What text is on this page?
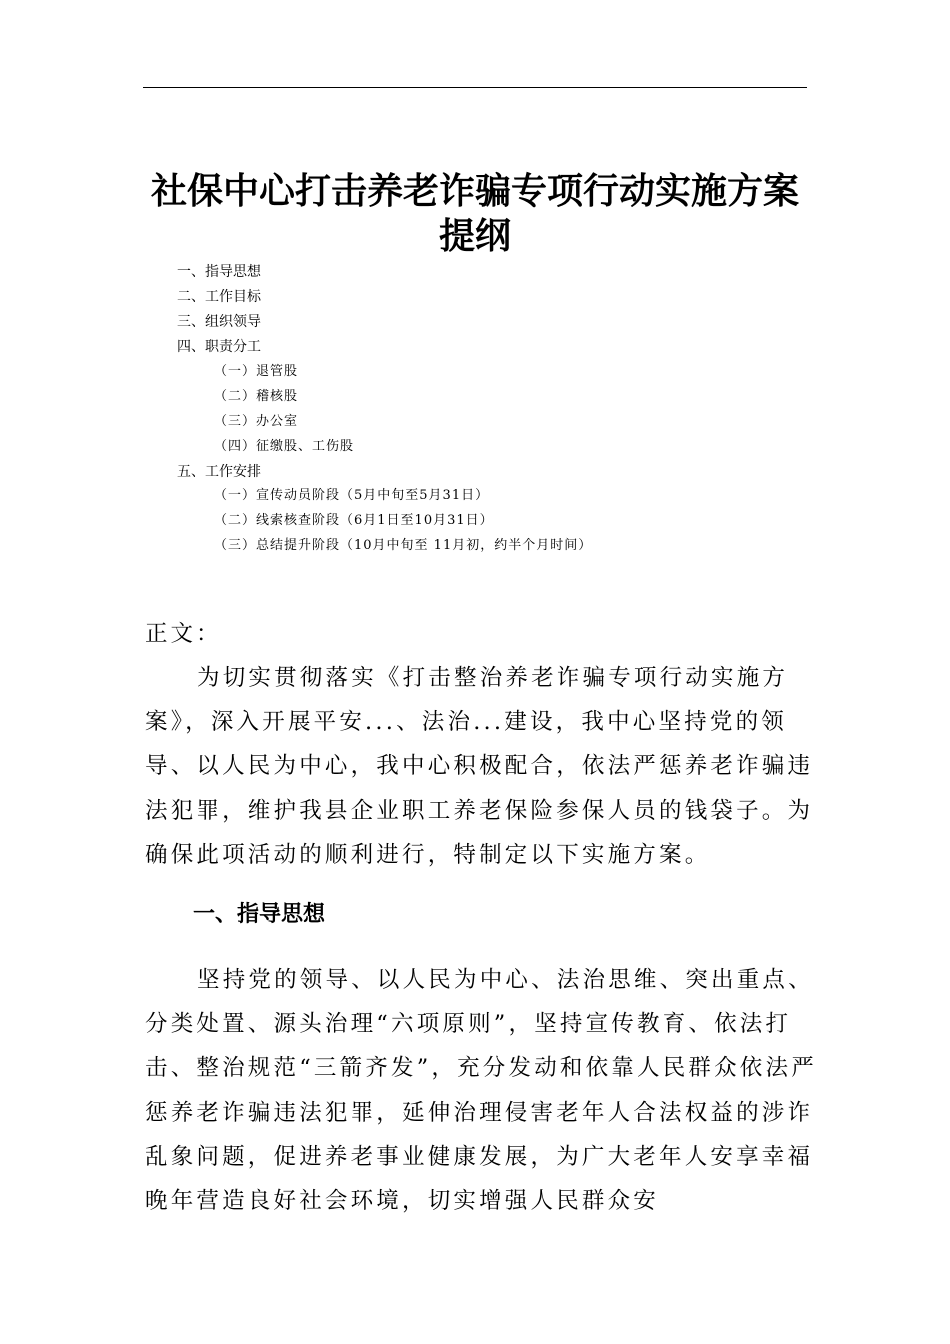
社保中心打击养老诈骗专项行动实施方案
提纲
一、指导思想
二、工作目标
三、组织领导
四、职责分工
（一）退管股
（二）稽核股
（三）办公室
（四）征缴股、工伤股
五、工作安排
（一）宣传动员阶段（5月中旬至5月31日）
（二）线索核查阶段（6月1日至10月31日）
（三）总结提升阶段（10月中旬至 11月初，约半个月时间）
正文：

为切实贯彻落实《打击整治养老诈骗专项行动实施方案》，深入开展平安...、法治...建设，我中心坚持党的领导、以人民为中心，我中心积极配合，依法严惩养老诈骗违法犯罪，维护我县企业职工养老保险参保人员的钱袋子。为确保此项活动的顺利进行，特制定以下实施方案。

一、指导思想

坚持党的领导、以人民为中心、法治思维、突出重点、分类处置、源头治理“六项原则”，坚持宣传教育、依法打击、整治规范“三箭齐发”，充分发动和依靠人民群众依法严惩养老诈骗违法犯罪，延伸治理侵害老年人合法权益的涉诈乱象问题，促进养老事业健康发展，为广大老年人安享幸福晚年营造良好社会环境，切实增强人民群众安
